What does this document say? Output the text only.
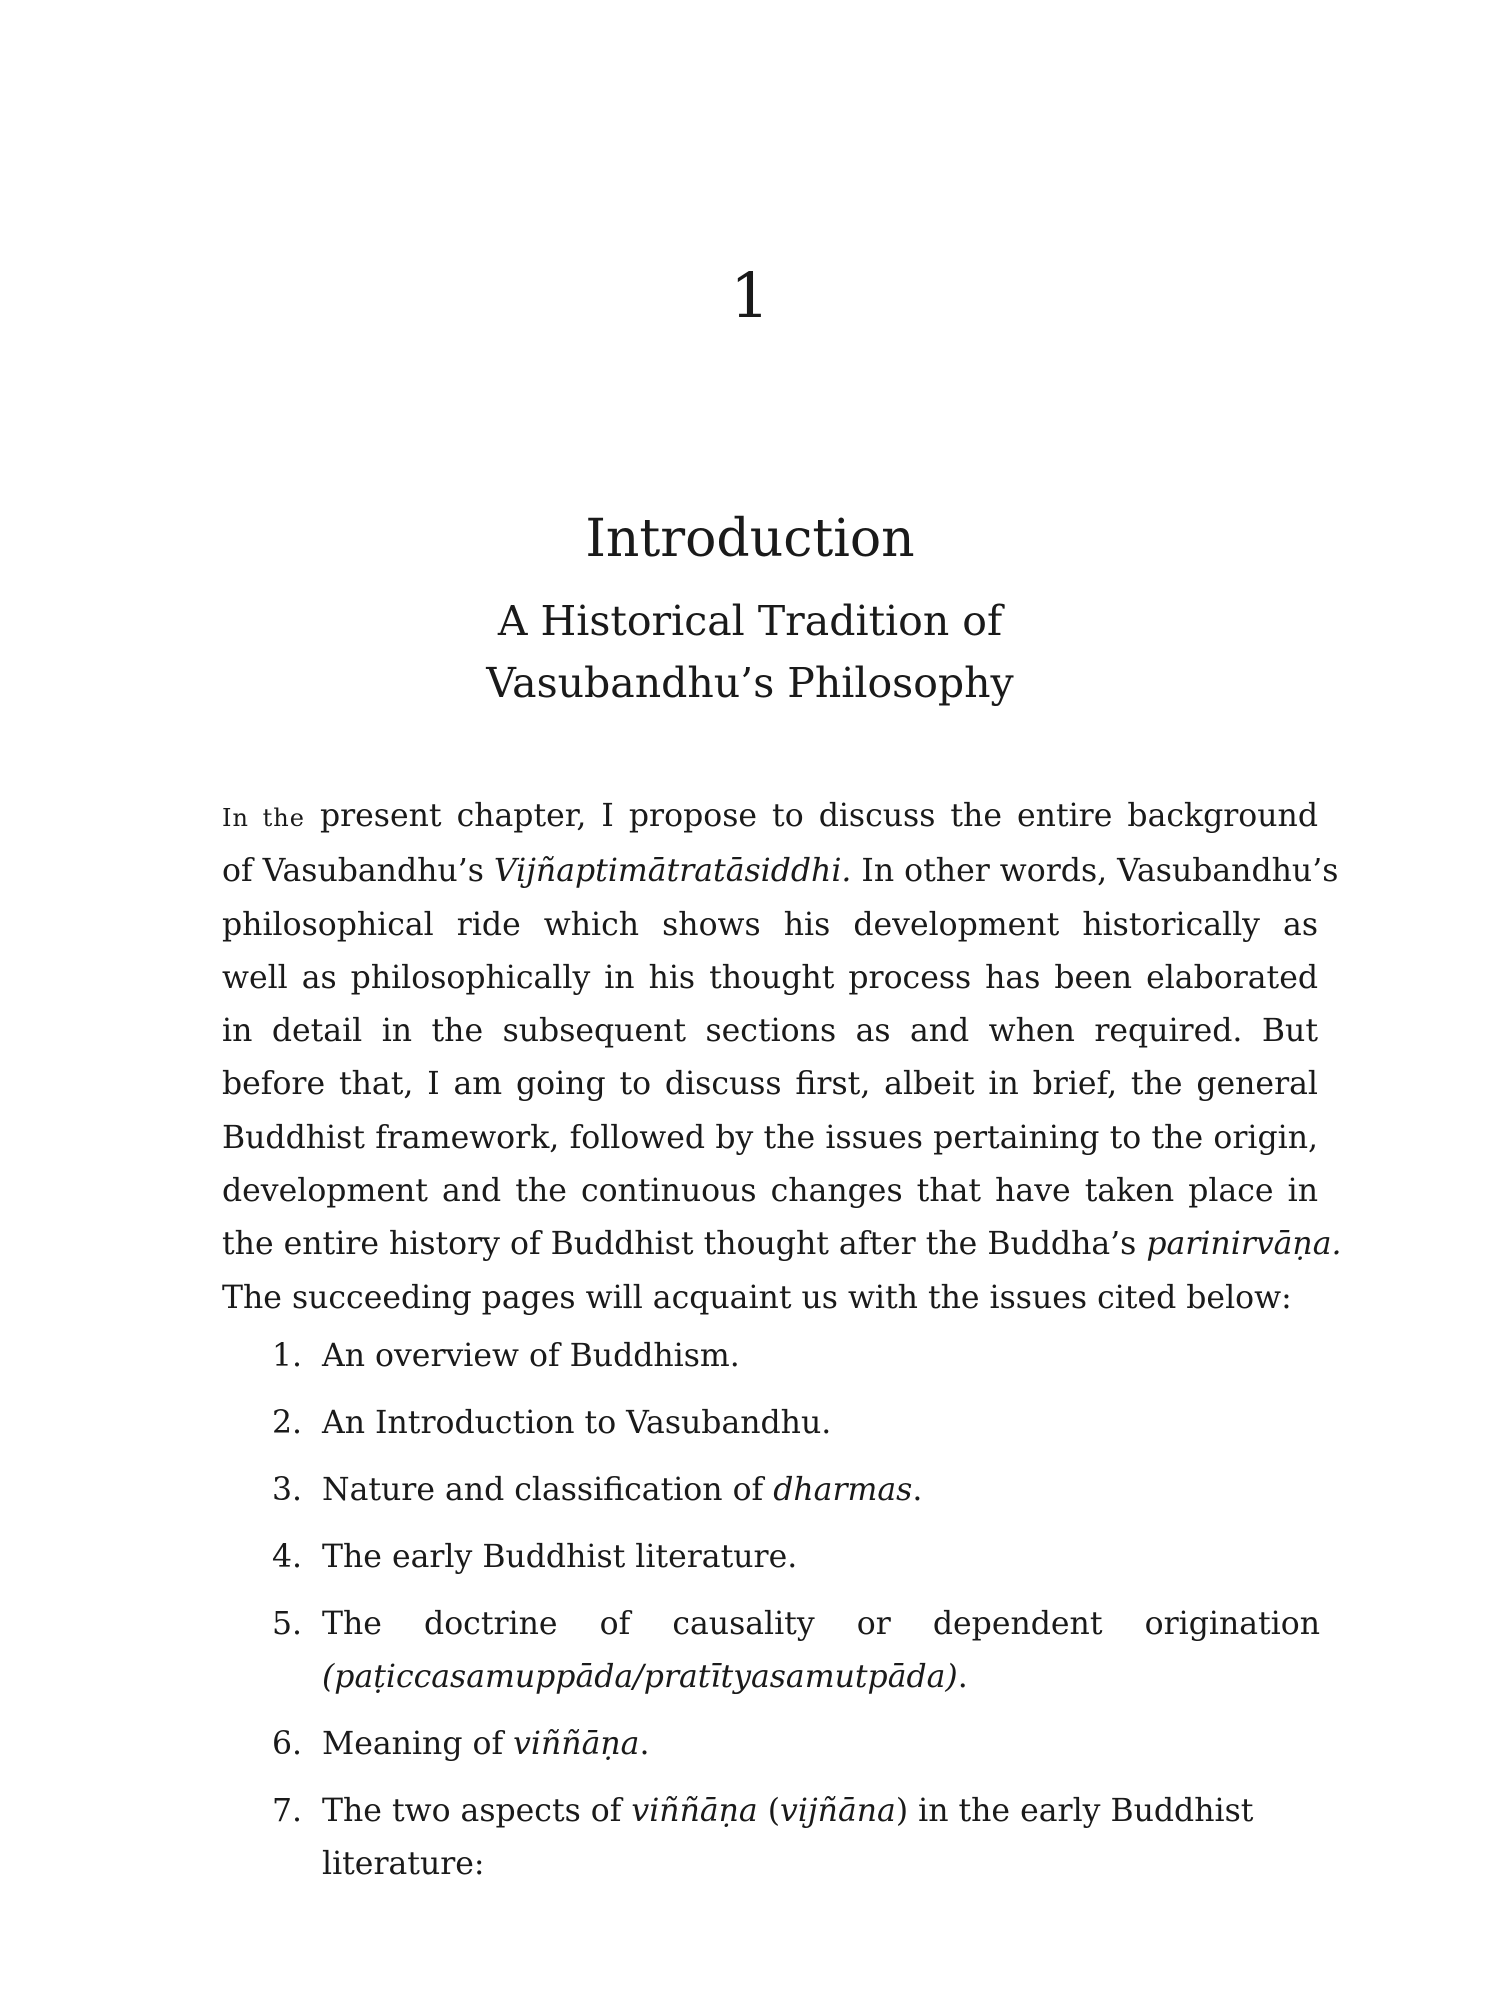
1
Introduction
A Historical Tradition of
Vasubandhu’s Philosophy
In the present chapter, I propose to discuss the entire background
of Vasubandhu’s Vijñaptimātratāsiddhi. In other words, Vasubandhu’s
philosophical ride which shows his development historically as
well as philosophically in his thought process has been elaborated
in detail in the subsequent sections as and when required. But
before that, I am going to discuss first, albeit in brief, the general
Buddhist framework, followed by the issues pertaining to the origin,
development and the continuous changes that have taken place in
the entire history of Buddhist thought after the Buddha’s parinirvāṇa.
The succeeding pages will acquaint us with the issues cited below:
1. An overview of Buddhism.
2. An Introduction to Vasubandhu.
3. Nature and classification of dharmas.
4. The early Buddhist literature.
5. The doctrine of causality or dependent origination
(paṭiccasamuppāda/pratītyasamutpāda).
6. Meaning of viññāṇa.
7. The two aspects of viññāṇa (vijñāna) in the early Buddhist
literature:
